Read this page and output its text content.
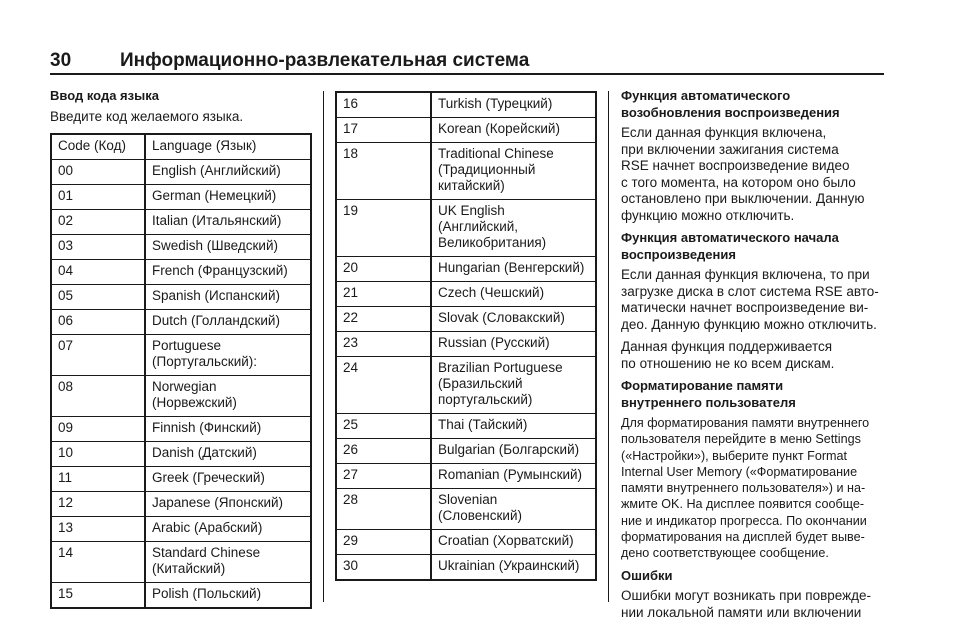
30	Информационно-развлекательная система
Ввод кода языка
Введите код желаемого языка.
Code (Код)	Language (Язык)
00	English (Английский)
01	German (Немецкий)
02	Italian (Итальянский)
03	Swedish (Шведский)
04	French (Французский)
05	Spanish (Испанский)
06	Dutch (Голландский)
07	Portuguese
(Португальский):

08	Norwegian
(Норвежский)

09	Finnish (Финский)
10	Danish (Датский)
11	Greek (Греческий)
12	Japanese (Японский)
13	Arabic (Арабский)
14	Standard Chinese
(Китайский)

15	Polish (Польский)
16	Turkish (Турецкий)
17	Korean (Корейский)
18	Traditional Chinese
(Традиционный
китайский)

19	UK English
(Английский,
Великобритания)

20	Hungarian (Венгерский)
21	Czech (Чешский)
22	Slovak (Словакский)
23	Russian (Русский)
24	Brazilian Portuguese
(Бразильский
португальский)

25	Thai (Тайский)
26	Bulgarian (Болгарский)
27	Romanian (Румынский)
28	Slovenian
(Словенский)

29	Croatian (Хорватский)
30	Ukrainian (Украинский)
Функция автоматического
возобновления воспроизведения
Если данная функция включена,
при включении зажигания система
RSE начнет воспроизведение видео
с того момента, на котором оно было
остановлено при выключении. Данную
функцию можно отключить.
Функция автоматического начала
воспроизведения
Если данная функция включена, то при
загрузке диска в слот система RSE авто-
матически начнет воспроизведение ви-
део. Данную функцию можно отключить.
Данная функция поддерживается
по отношению не ко всем дискам.
Форматирование памяти
внутреннего пользователя
Для форматирования памяти внутреннего
пользователя перейдите в меню Settings
(«Настройки»), выберите пункт Format
Internal User Memory («Форматирование
памяти внутреннего пользователя») и на-
жмите OK. На дисплее появится сообще-
ние и индикатор прогресса. По окончании
форматирования на дисплей будет выве-
дено соответствующее сообщение.
Ошибки
Ошибки могут возникать при поврежде-
нии локальной памяти или включении
